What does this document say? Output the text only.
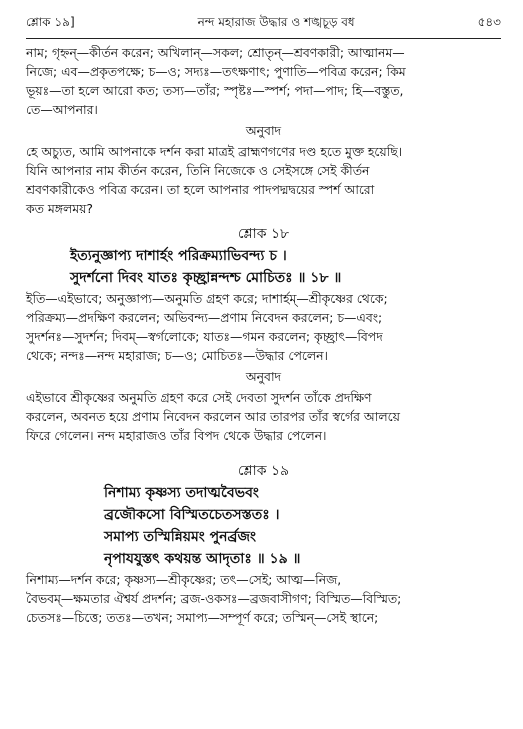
শ্লোক ১৯]	নন্দ মহারাজ উদ্ধার ও শঙ্খচূড় বধ	৫৪৩

নাম; গৃহ্নন্—কীর্তন করেন; অখিলান্—সকল; শ্রোতৃন্—শ্রবণকারী; আত্মানম—

নিজে; এব—প্রকৃতপক্ষে; চ—ও; সদ্যঃ—তৎক্ষণাৎ; পুণাতি—পবিত্র করেন; কিম

ভূয়ঃ—তা হলে আরো কত; তস্য—তাঁর; স্পৃষ্টঃ—স্পর্শ; পদা—পাদ; হি—বস্তুত,

তে—আপনার।

অনুবাদ

হে অচ্যুত, আমি আপনাকে দর্শন করা মাত্রই ব্রাহ্মণগণের দণ্ড হতে মুক্ত হয়েছি।

যিনি আপনার নাম কীর্তন করেন, তিনি নিজেকে ও সেইসঙ্গে সেই কীর্তন

শ্রবণকারীকেও পবিত্র করেন। তা হলে আপনার পাদপদ্মদ্বয়ের স্পর্শ আরো

কত মঙ্গলময়?

শ্লোক ১৮

ইত্যনুজ্ঞাপ্য দাশার্হং পরিক্রম্যাভিবন্দ্য চ ।

সুদর্শনো দিবং যাতঃ কৃচ্ছ্রান্নন্দশ্চ মোচিতঃ ॥ ১৮ ॥

ইতি—এইভাবে; অনুজ্ঞাপ্য—অনুমতি গ্রহণ করে; দাশার্হম্—শ্রীকৃষ্ণের থেকে;

পরিক্রম্য—প্রদক্ষিণ করলেন; অভিবন্দ্য—প্রণাম নিবেদন করলেন; চ—এবং;

সুদর্শনঃ—সুদর্শন; দিবম্—স্বর্গলোকে; যাতঃ—গমন করলেন; কৃচ্ছ্রাৎ—বিপদ

থেকে; নন্দঃ—নন্দ মহারাজ; চ—ও; মোচিতঃ—উদ্ধার পেলেন।

অনুবাদ

এইভাবে শ্রীকৃষ্ণের অনুমতি গ্রহণ করে সেই দেবতা সুদর্শন তাঁকে প্রদক্ষিণ

করলেন, অবনত হয়ে প্রণাম নিবেদন করলেন আর তারপর তাঁর স্বর্গের আলয়ে

ফিরে গেলেন। নন্দ মহারাজও তাঁর বিপদ থেকে উদ্ধার পেলেন।

শ্লোক ১৯

নিশাম্য কৃষ্ণস্য তদাত্মবৈভবং

ব্রজৌকসো বিস্মিতচেতসস্ততঃ ।

সমাপ্য তস্মিন্নিয়মং পুনর্ব্রজং

নৃপাযযুস্তৎ কথয়ন্ত আদৃতাঃ ॥ ১৯ ॥

নিশাম্য—দর্শন করে; কৃষ্ণস্য—শ্রীকৃষ্ণের; তৎ—সেই; আত্ম—নিজ,

বৈভবম্—ক্ষমতার ঐশ্বর্য প্রদর্শন; ব্রজ-ওকসঃ—ব্রজবাসীগণ; বিস্মিত—বিস্মিত;

চেতসঃ—চিত্তে; ততঃ—তখন; সমাপ্য—সম্পূর্ণ করে; তস্মিন্—সেই স্থানে;
